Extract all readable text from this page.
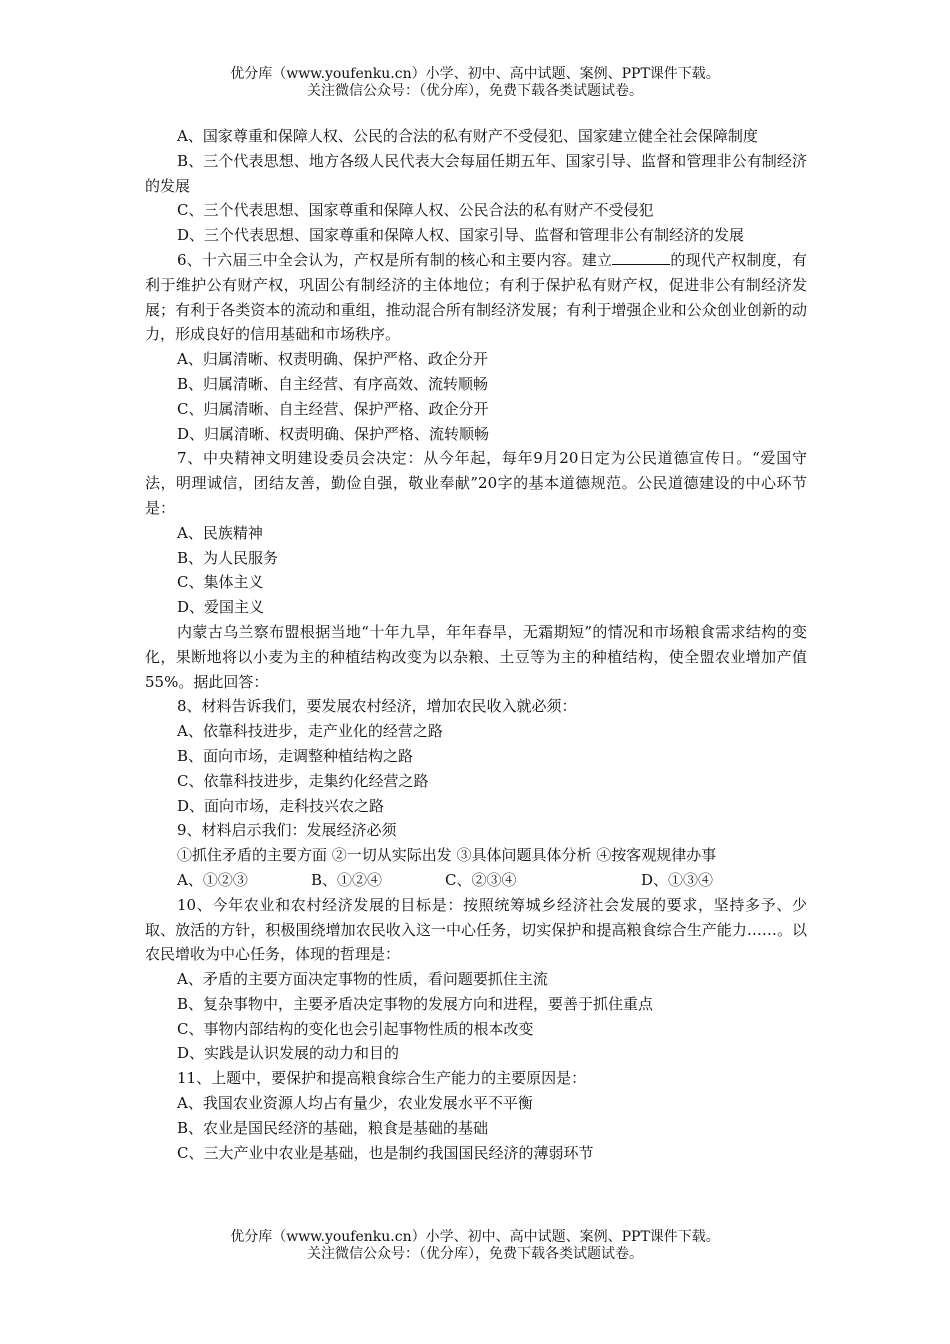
优分库（www.youfenku.cn）小学、初中、高中试题、案例、PPT课件下载。
关注微信公众号：（优分库），免费下载各类试题试卷。

A、国家尊重和保障人权、公民的合法的私有财产不受侵犯、国家建立健全社会保障制度

B、三个代表思想、地方各级人民代表大会每届任期五年、国家引导、监督和管理非公有制经济的发展

C、三个代表思想、国家尊重和保障人权、公民合法的私有财产不受侵犯

D、三个代表思想、国家尊重和保障人权、国家引导、监督和管理非公有制经济的发展

6、十六届三中全会认为，产权是所有制的核心和主要内容。建立	的现代产权制度，有利于维护公有财产权，巩固公有制经济的主体地位；有利于保护私有财产权，促进非公有制经济发展；有利于各类资本的流动和重组，推动混合所有制经济发展；有利于增强企业和公众创业创新的动力，形成良好的信用基础和市场秩序。

A、归属清晰、权责明确、保护严格、政企分开

B、归属清晰、自主经营、有序高效、流转顺畅

C、归属清晰、自主经营、保护严格、政企分开

D、归属清晰、权责明确、保护严格、流转顺畅

7、中央精神文明建设委员会决定：从今年起，每年9月20日定为公民道德宣传日。“爱国守法，明理诚信，团结友善，勤俭自强，敬业奉献”20字的基本道德规范。公民道德建设的中心环节是：

A、民族精神

B、为人民服务

C、集体主义

D、爱国主义

内蒙古乌兰察布盟根据当地“十年九旱，年年春旱，无霜期短”的情况和市场粮食需求结构的变化，果断地将以小麦为主的种植结构改变为以杂粮、土豆等为主的种植结构，使全盟农业增加产值55%。据此回答：

8、材料告诉我们，要发展农村经济，增加农民收入就必须：

A、依靠科技进步，走产业化的经营之路

B、面向市场，走调整种植结构之路

C、依靠科技进步，走集约化经营之路

D、面向市场，走科技兴农之路

9、材料启示我们：发展经济必须

①抓住矛盾的主要方面 ②一切从实际出发 ③具体问题具体分析 ④按客观规律办事

A、①②③	B、①②④	C、②③④	D、①③④

10、今年农业和农村经济发展的目标是：按照统筹城乡经济社会发展的要求，坚持多予、少取、放活的方针，积极围绕增加农民收入这一中心任务，切实保护和提高粮食综合生产能力……。以农民增收为中心任务，体现的哲理是：

A、矛盾的主要方面决定事物的性质，看问题要抓住主流

B、复杂事物中，主要矛盾决定事物的发展方向和进程，要善于抓住重点

C、事物内部结构的变化也会引起事物性质的根本改变

D、实践是认识发展的动力和目的

11、上题中，要保护和提高粮食综合生产能力的主要原因是：

A、我国农业资源人均占有量少，农业发展水平不平衡

B、农业是国民经济的基础，粮食是基础的基础

C、三大产业中农业是基础，也是制约我国国民经济的薄弱环节

优分库（www.youfenku.cn）小学、初中、高中试题、案例、PPT课件下载。
关注微信公众号：（优分库），免费下载各类试题试卷。
